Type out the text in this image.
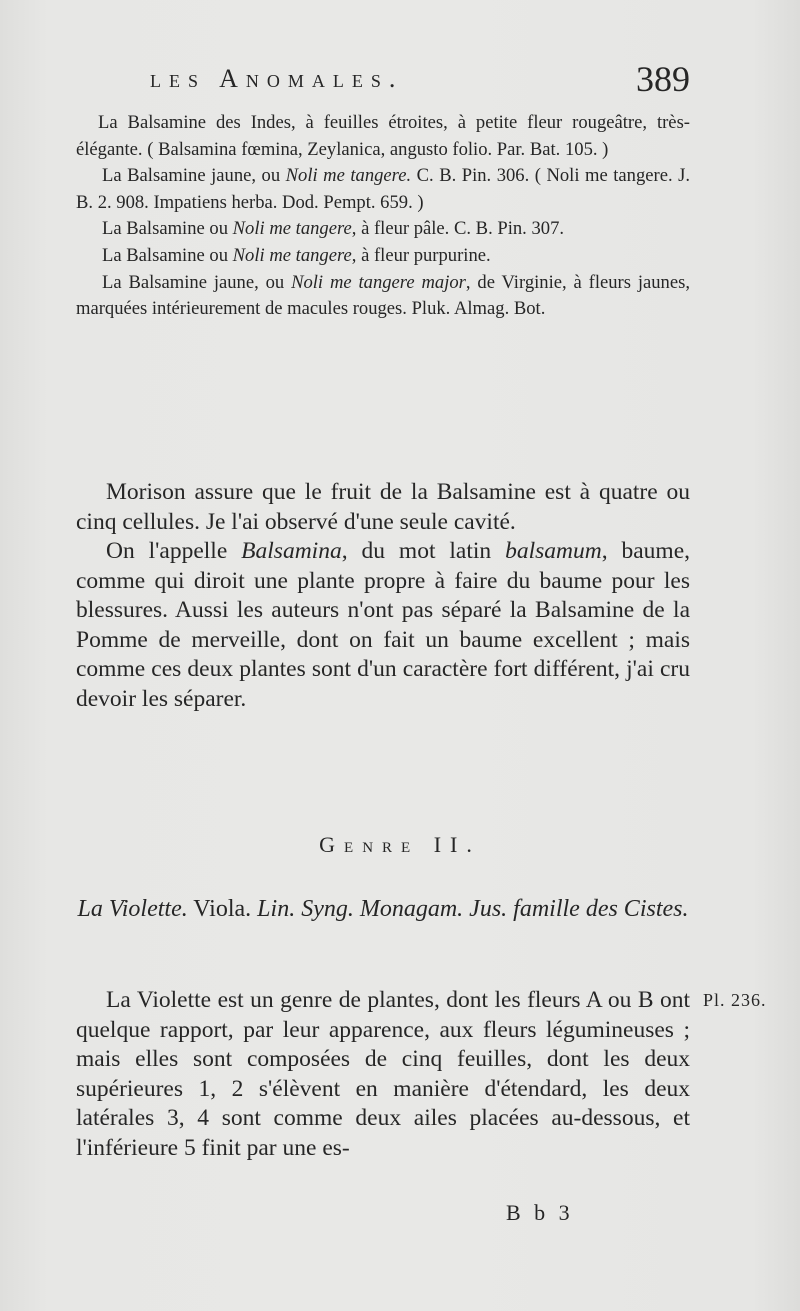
les Anomales.	389

La Balsamine des Indes, à feuilles étroites, à petite fleur rougeâtre, très-élégante. ( Balsamina fœmina, Zeylanica, angusto folio. Par. Bat. 105. )

La Balsamine jaune, ou Noli me tangere. C. B. Pin. 306. ( Noli me tangere. J. B. 2. 908. Impatiens herba. Dod. Pempt. 659. )

La Balsamine ou Noli me tangere, à fleur pâle. C. B. Pin. 307.

La Balsamine ou Noli me tangere, à fleur purpurine.

La Balsamine jaune, ou Noli me tangere major, de Virginie, à fleurs jaunes, marquées intérieurement de macules rouges. Pluk. Almag. Bot.

Morison assure que le fruit de la Balsamine est à quatre ou cinq cellules. Je l'ai observé d'une seule cavité.

On l'appelle Balsamina, du mot latin balsamum, baume, comme qui diroit une plante propre à faire du baume pour les blessures. Aussi les auteurs n'ont pas séparé la Balsamine de la Pomme de merveille, dont on fait un baume excellent ; mais comme ces deux plantes sont d'un caractère fort différent, j'ai cru devoir les séparer.

Genre II.
La Violette. Viola. Lin. Syng. Monagam. Jus. famille des Cistes.

La Violette est un genre de plantes, dont les fleurs A ou B ont quelque rapport, par leur apparence, aux fleurs légumineuses ; mais elles sont composées de cinq feuilles, dont les deux supérieures 1, 2 s'élèvent en manière d'étendard, les deux latérales 3, 4 sont comme deux ailes placées au-dessous, et l'inférieure 5 finit par une es-

Pl. 236.
B b 3
